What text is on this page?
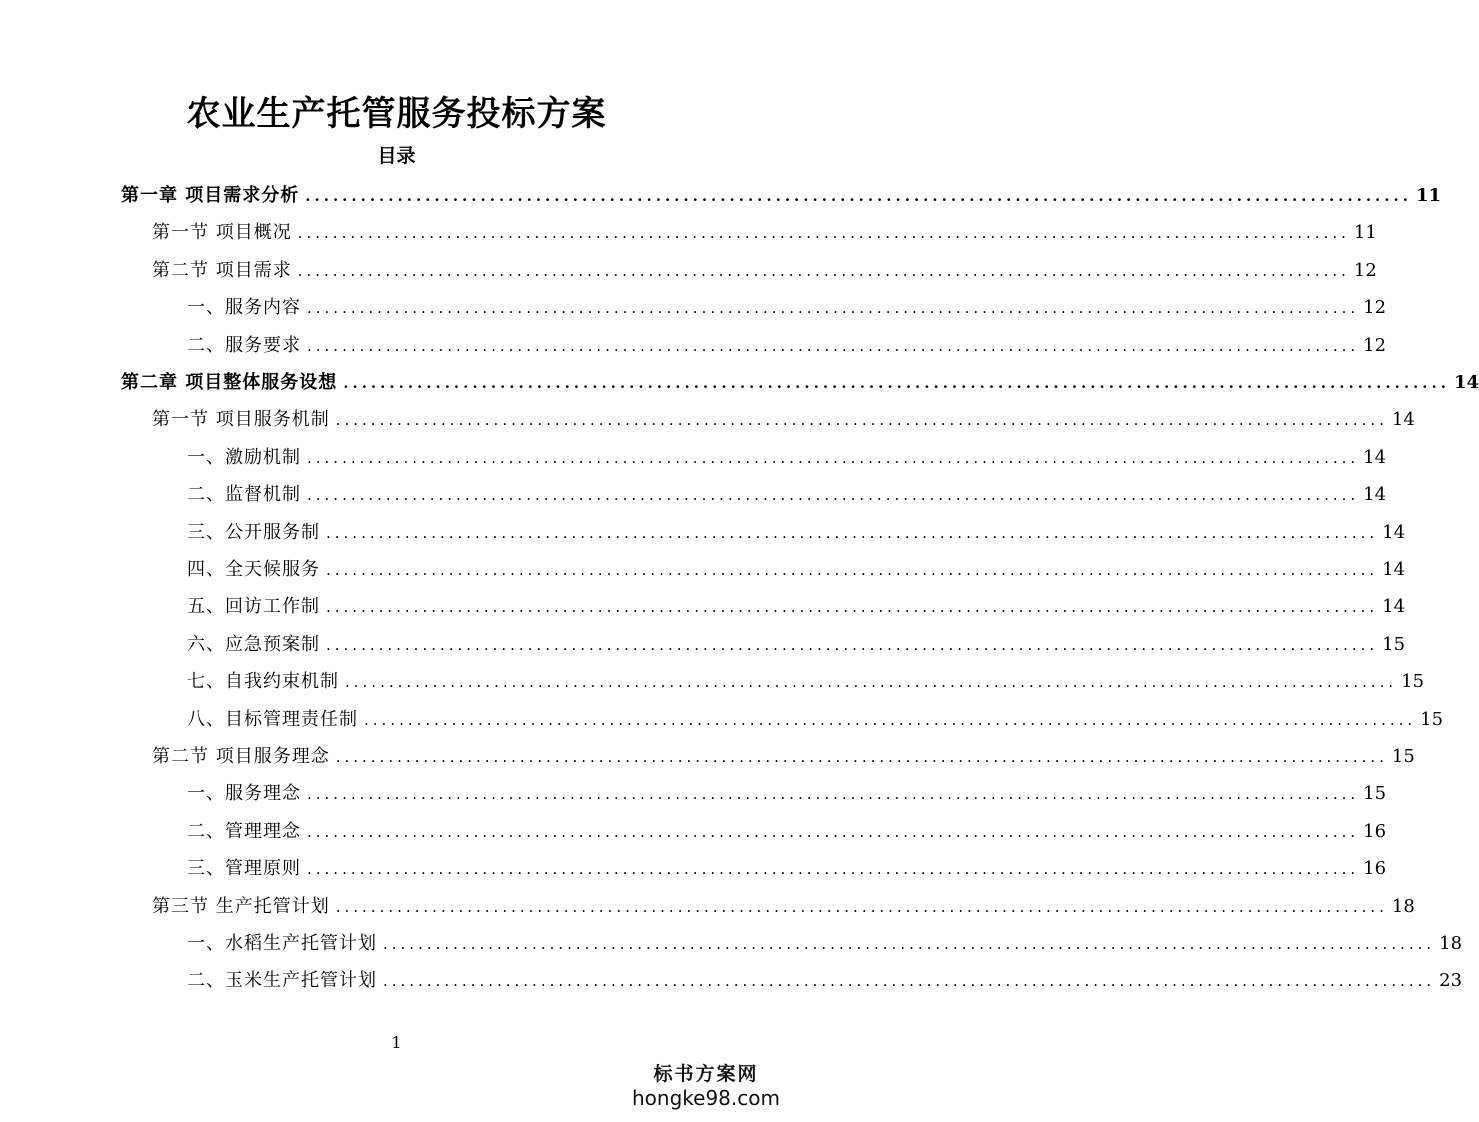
农业生产托管服务投标方案
目录
第一章 项目需求分析 ........................................................................................................................ 11
第一节 项目概况 ........................................................................................................................ 11
第二节 项目需求 ........................................................................................................................ 12
一、服务内容 ........................................................................................................................ 12
二、服务要求 ........................................................................................................................ 12
第二章 项目整体服务设想 ........................................................................................................................ 14
第一节 项目服务机制 ........................................................................................................................ 14
一、激励机制 ........................................................................................................................ 14
二、监督机制 ........................................................................................................................ 14
三、公开服务制 ........................................................................................................................ 14
四、全天候服务 ........................................................................................................................ 14
五、回访工作制 ........................................................................................................................ 14
六、应急预案制 ........................................................................................................................ 15
七、自我约束机制 ........................................................................................................................ 15
八、目标管理责任制 ........................................................................................................................ 15
第二节 项目服务理念 ........................................................................................................................ 15
一、服务理念 ........................................................................................................................ 15
二、管理理念 ........................................................................................................................ 16
三、管理原则 ........................................................................................................................ 16
第三节 生产托管计划 ........................................................................................................................ 18
一、水稻生产托管计划 ........................................................................................................................ 18
二、玉米生产托管计划 ........................................................................................................................ 23
1
标书方案网
hongke98.com
